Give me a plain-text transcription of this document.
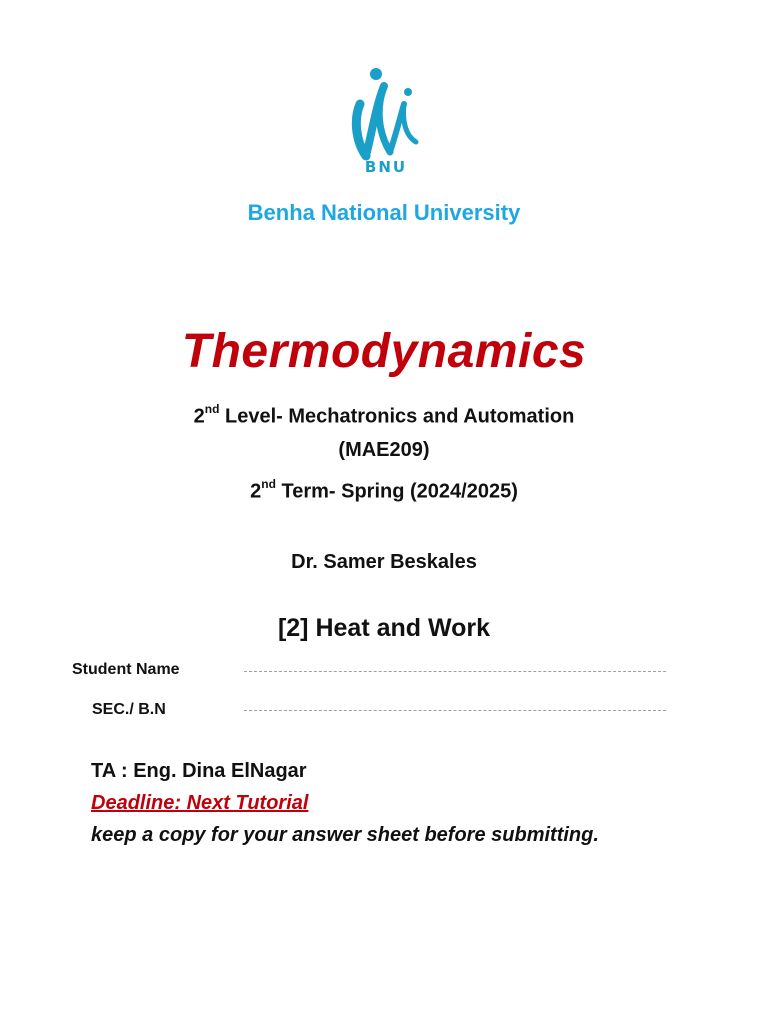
BNU
Benha National University
Thermodynamics
2nd Level- Mechatronics and Automation
(MAE209)
2nd Term- Spring (2024/2025)
Dr. Samer Beskales
[2] Heat and Work
Student Name
SEC./ B.N
TA : Eng. Dina ElNagar
Deadline: Next Tutorial
keep a copy for your answer sheet before submitting.
